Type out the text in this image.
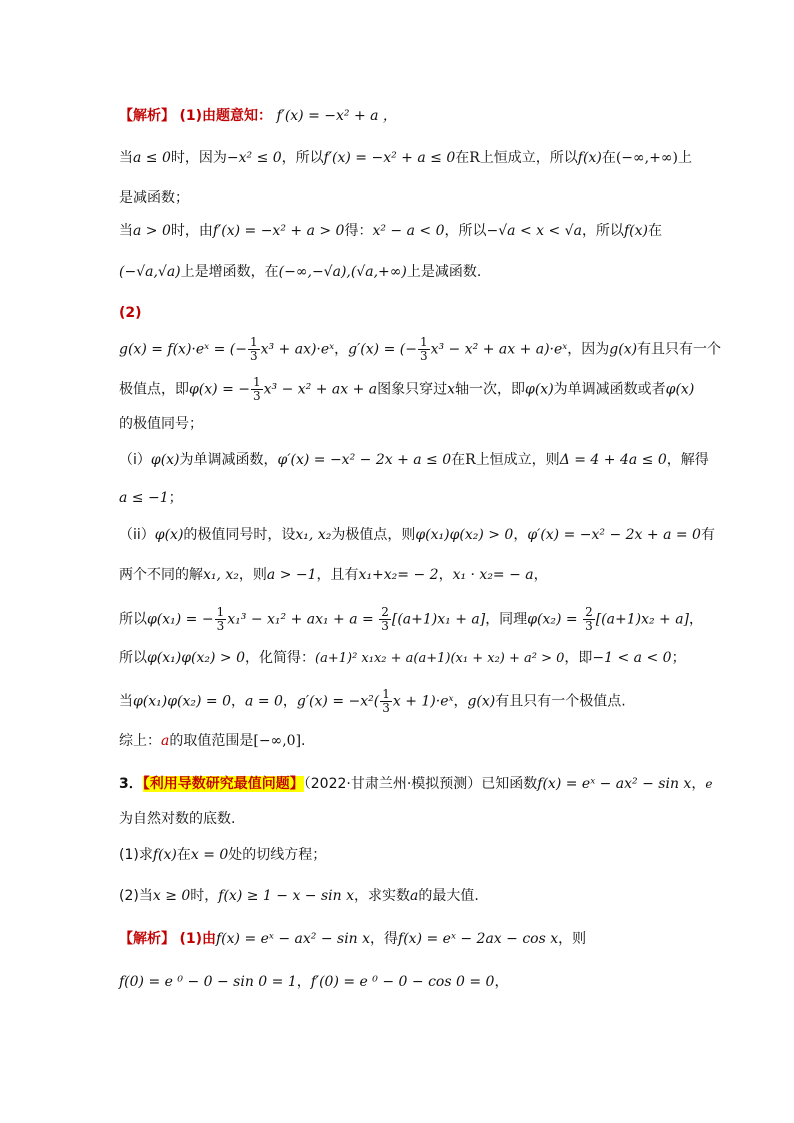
【解析】 (1)由题意知： f′(x) = −x² + a ，
当a ≤ 0时，因为−x² ≤ 0，所以f′(x) = −x² + a ≤ 0在R上恒成立，所以f(x)在(−∞,+∞)上
是减函数；
当a > 0时，由f′(x) = −x² + a > 0得：x² − a < 0，所以−√a < x < √a，所以f(x)在
(−√a,√a)上是增函数，在(−∞,−√a),(√a,+∞)上是减函数.
(2)
g(x) = f(x)·eˣ = (− $\frac{1}{3} x^3$ + ax)·eˣ，g′(x) = (− $\frac{1}{3} x^3 - x^2$ + ax + a)·eˣ，因为g(x)有且只有一个
极值点，即φ(x) = − $\frac{1}{3} x^3 - x^2$ + ax + a图象只穿过x轴一次，即φ(x)为单调减函数或者φ(x)
的极值同号；
（i）φ(x)为单调减函数，φ′(x) = −x² − 2x + a ≤ 0在R上恒成立，则Δ = 4 + 4a ≤ 0，解得
a ≤ −1；
（ii）φ(x)的极值同号时，设x₁, x₂为极值点，则φ(x₁)φ(x₂) > 0，φ′(x) = −x² − 2x + a = 0有
两个不同的解x₁, x₂，则a > −1，且有x₁+x₂= − 2，x₁ · x₂= − a，
所以φ(x₁) = − $\frac{1}{3} x_1^3 - x_1^2 + ax_1 + a = \frac{2}{3} [(a+1)x_1 + a]$，同理$\varphi(x_2) = \frac{2}{3} [(a+1)x_2 + a]$，
所以φ(x₁)φ(x₂) > 0，化简得：(a+1)² x₁x₂ + a(a+1)(x₁ + x₂) + a² > 0，即−1 < a < 0；
当φ(x₁)φ(x₂) = 0，a = 0，$g'(x) = -x^2( \frac{1}{3}$ x + 1)·eˣ，g(x)有且只有一个极值点.
综上：a的取值范围是[−∞,0].
3．【利用导数研究最值问题】（2022·甘肃兰州·模拟预测）已知函数f(x) = eˣ − ax² − sin x，e
为自然对数的底数.
(1)求f(x)在x = 0处的切线方程；
(2)当x ≥ 0时，f(x) ≥ 1 − x − sin x，求实数a的最大值.
【解析】 (1)由f(x) = eˣ − ax² − sin x，得f(x) = eˣ − 2ax − cos x，则
f(0) = e ⁰ − 0 − sin 0 = 1，f′(0) = e ⁰ − 0 − cos 0 = 0，
